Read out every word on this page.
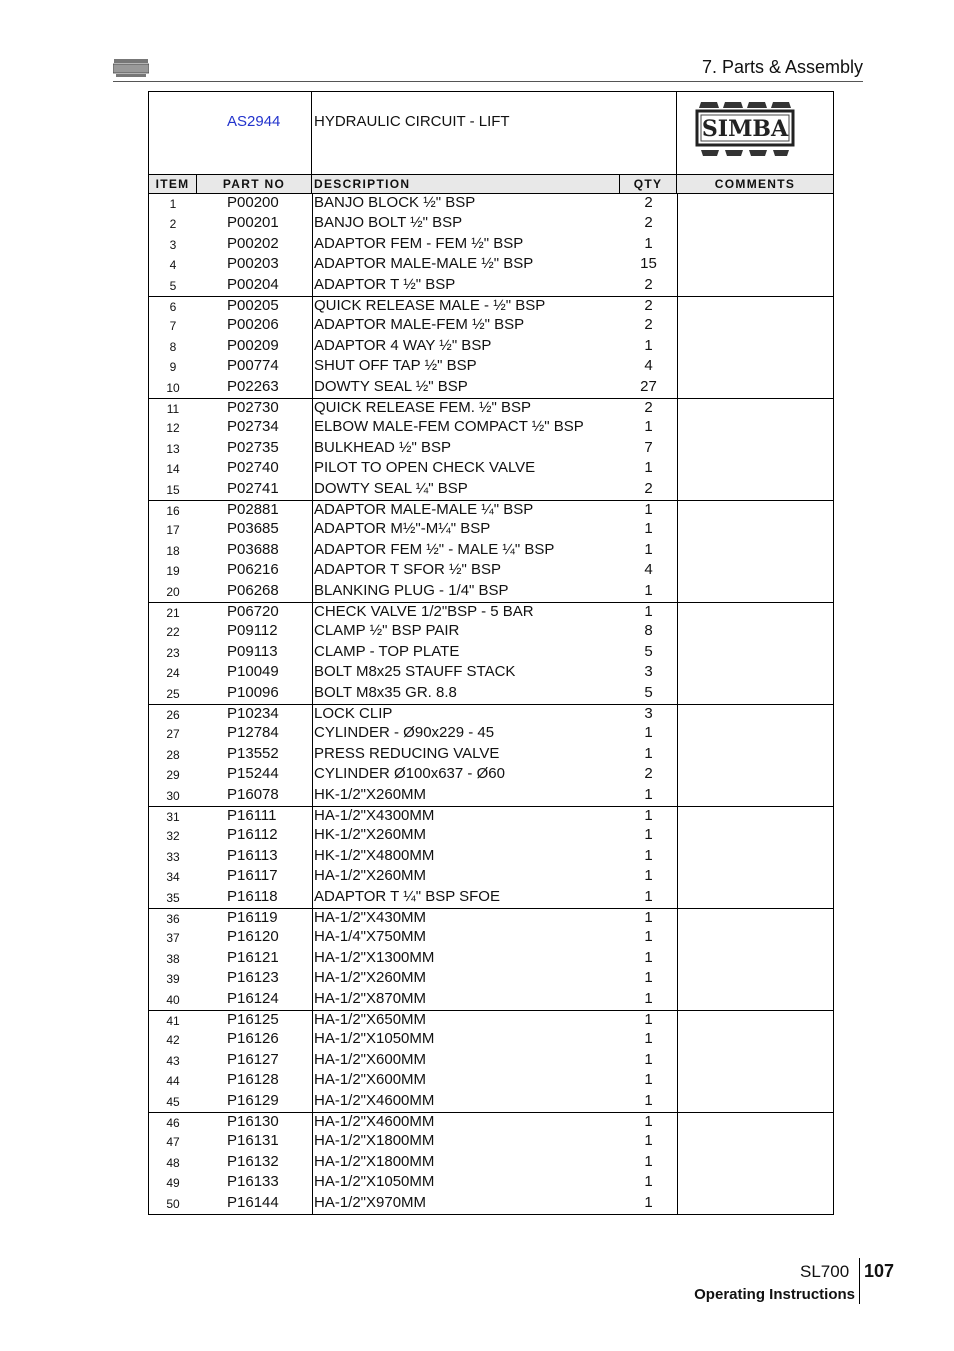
7. Parts & Assembly
AS2944 HYDRAULIC CIRCUIT - LIFT	SIMBA
ITEM	PART NO	DESCRIPTION	QTY	COMMENTS
1	P00200 BANJO BLOCK ½" BSP	2
2	P00201 BANJO BOLT ½" BSP	2
3	P00202 ADAPTOR FEM - FEM ½" BSP	1
4	P00203 ADAPTOR MALE-MALE ½" BSP	15
5	P00204 ADAPTOR T ½" BSP	2
6	P00205 QUICK RELEASE MALE - ½" BSP	2
7	P00206 ADAPTOR MALE-FEM ½" BSP	2
8	P00209 ADAPTOR 4 WAY ½" BSP	1
9	P00774 SHUT OFF TAP ½" BSP	4
10	P02263 DOWTY SEAL ½" BSP	27
11	P02730 QUICK RELEASE FEM. ½" BSP	2
12	P02734 ELBOW MALE-FEM COMPACT ½" BSP	1
13	P02735 BULKHEAD ½" BSP	7
14	P02740 PILOT TO OPEN CHECK VALVE	1
15	P02741 DOWTY SEAL ¼" BSP	2
16	P02881 ADAPTOR MALE-MALE ¼" BSP	1
17	P03685 ADAPTOR M½"-M¼" BSP	1
18	P03688 ADAPTOR FEM ½" - MALE ¼" BSP	1
19	P06216 ADAPTOR T SFOR ½" BSP	4
20	P06268 BLANKING PLUG - 1/4" BSP	1
21	P06720 CHECK VALVE 1/2"BSP - 5 BAR	1
22	P09112 CLAMP ½" BSP PAIR	8
23	P09113 CLAMP - TOP PLATE	5
24	P10049 BOLT M8x25 STAUFF STACK	3
25	P10096 BOLT M8x35 GR. 8.8	5
26	P10234 LOCK CLIP	3
27	P12784 CYLINDER - Ø90x229 - 45	1
28	P13552 PRESS REDUCING VALVE	1
29	P15244 CYLINDER Ø100x637 - Ø60	2
30	P16078 HK-1/2"X260MM	1
31	P16111	HA-1/2"X4300MM	1
32	P16112 HK-1/2"X260MM	1
33	P16113 HK-1/2"X4800MM	1
34	P16117 HA-1/2"X260MM	1
35	P16118 ADAPTOR T ¼" BSP SFOE	1
36	P16119 HA-1/2"X430MM	1
37	P16120 HA-1/4"X750MM	1
38	P16121 HA-1/2"X1300MM	1
39	P16123 HA-1/2"X260MM	1
40	P16124 HA-1/2"X870MM	1
41	P16125 HA-1/2"X650MM	1
42	P16126 HA-1/2"X1050MM	1
43	P16127 HA-1/2"X600MM	1
44	P16128 HA-1/2"X600MM	1
45	P16129 HA-1/2"X4600MM	1
46	P16130 HA-1/2"X4600MM	1
47	P16131 HA-1/2"X1800MM	1
48	P16132 HA-1/2"X1800MM	1
49	P16133 HA-1/2"X1050MM	1
50	P16144 HA-1/2"X970MM	1
SL700 107
Operating Instructions
